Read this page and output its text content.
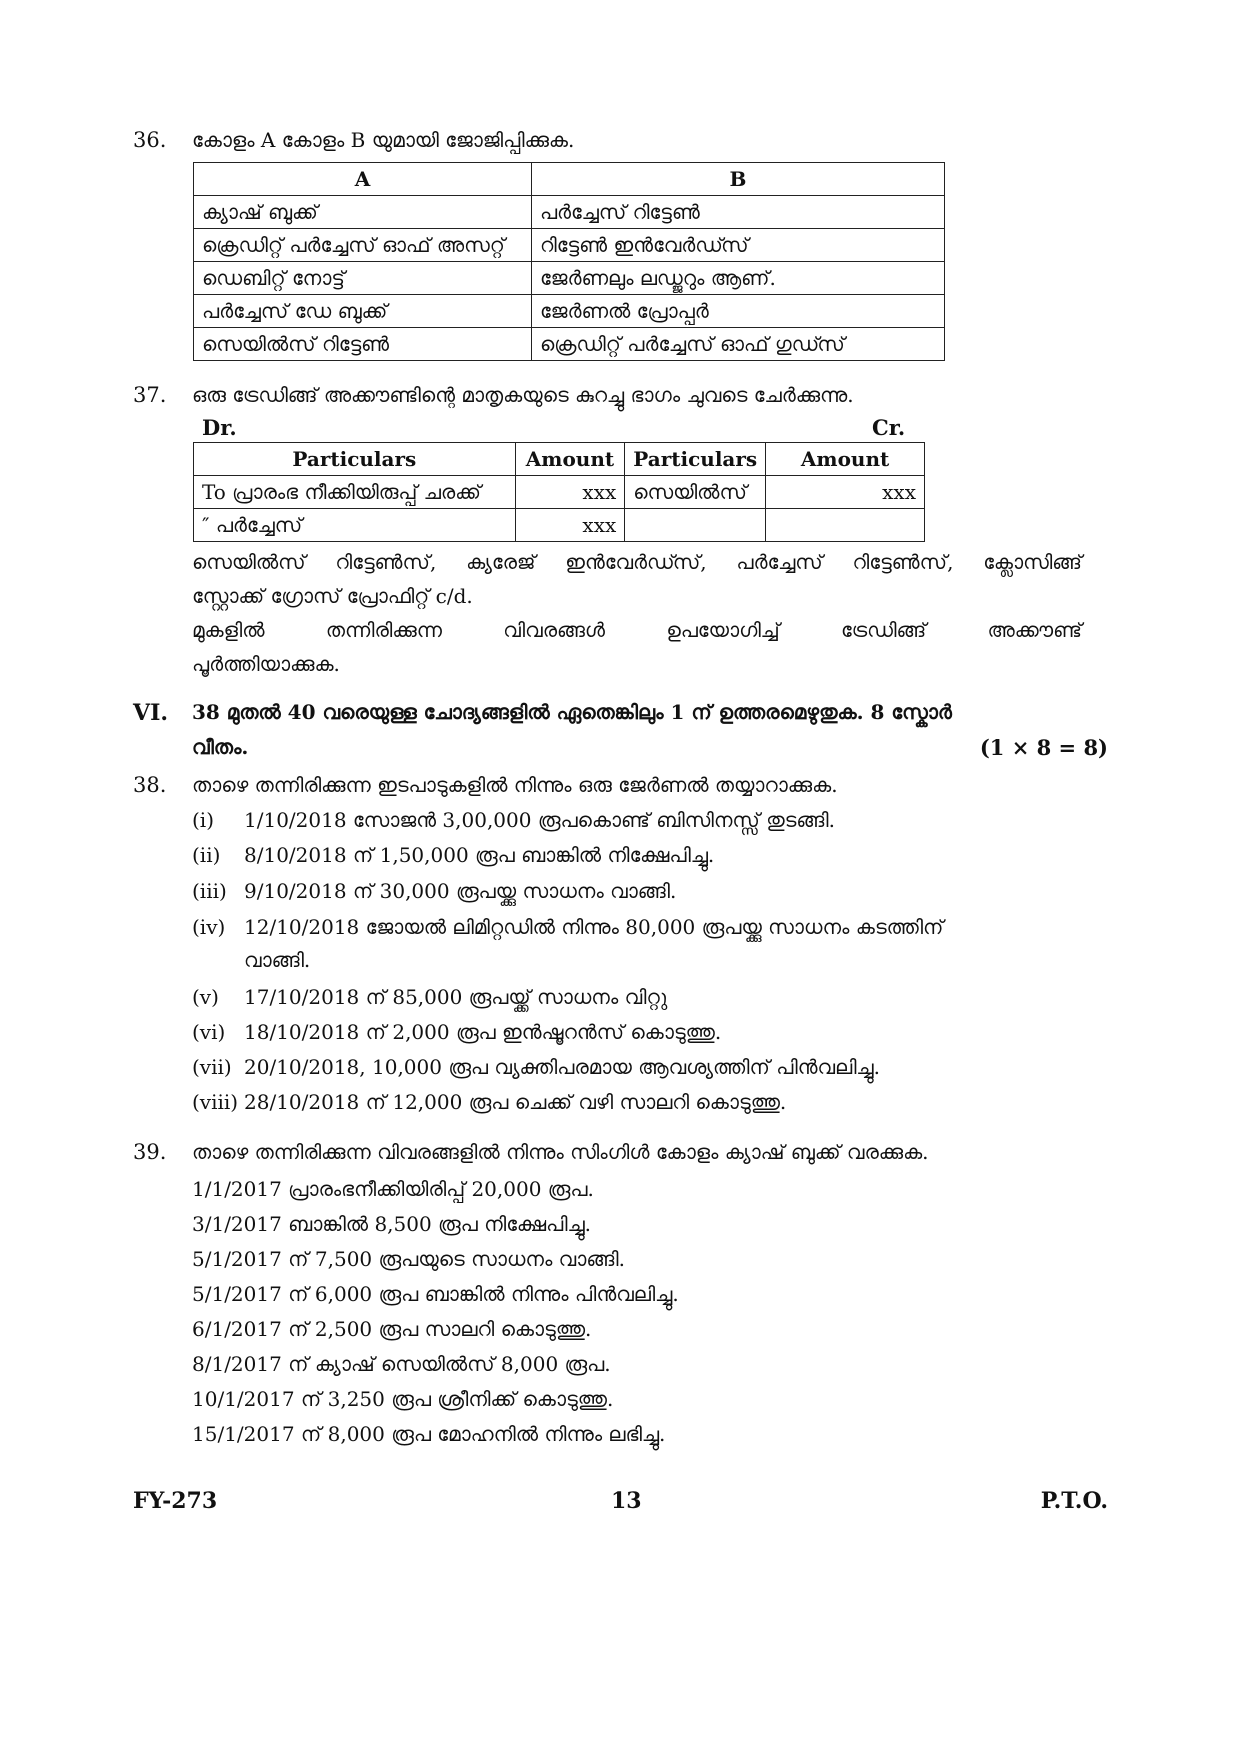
36. കോളം A കോളം B യുമായി ജോജിപ്പിക്കുക.
A	B
ക്യാഷ് ബുക്ക്	പർച്ചേസ് റിട്ടേൺ
ക്രെഡിറ്റ് പർച്ചേസ് ഓഫ് അസറ്റ്	റിട്ടേൺ ഇൻവേർഡ്സ്
ഡെബിറ്റ് നോട്ട്	ജേർണലും ലഡ്ജറും ആണ്.
പർച്ചേസ് ഡേ ബുക്ക്	ജേർണൽ പ്രോപ്പർ
സെയിൽസ് റിട്ടേൺ	ക്രെഡിറ്റ് പർച്ചേസ് ഓഫ് ഗുഡ്സ്
37. ഒരു ട്രേഡിങ്ങ് അക്കൗണ്ടിന്റെ മാതൃകയുടെ കുറച്ചു ഭാഗം ചുവടെ ചേർക്കുന്നു.
Dr.	Cr.
Particulars	Amount	Particulars	Amount
To പ്രാരംഭ നീക്കിയിരുപ്പ് ചരക്ക്	xxx	സെയിൽസ്	xxx
″ പർച്ചേസ്	xxx		
സെയിൽസ് റിട്ടേൺസ്, ക്യരേജ് ഇൻവേർഡ്സ്, പർച്ചേസ് റിട്ടേൺസ്, ക്ലോസിങ്ങ്
സ്റ്റോക്ക് ഗ്രോസ് പ്രോഫിറ്റ് c/d.
മുകളിൽ	തന്നിരിക്കുന്ന	വിവരങ്ങൾ	ഉപയോഗിച്ച്	ട്രേഡിങ്ങ്	അക്കൗണ്ട്
പൂർത്തിയാക്കുക.
VI. 38 മുതൽ 40 വരെയുള്ള ചോദ്യങ്ങളിൽ ഏതെങ്കിലും 1 ന് ഉത്തരമെഴുതുക. 8 സ്കോർ
വീതം.	(1 × 8 = 8)
38. താഴെ തന്നിരിക്കുന്ന ഇടപാടുകളിൽ നിന്നും ഒരു ജേർണൽ തയ്യാറാക്കുക.
(i) 1/10/2018 സോജൻ 3,00,000 രൂപകൊണ്ട് ബിസിനസ്സ് തുടങ്ങി.
(ii) 8/10/2018 ന് 1,50,000 രൂപ ബാങ്കിൽ നിക്ഷേപിച്ചു.
(iii) 9/10/2018 ന് 30,000 രൂപയ്ക്കു സാധനം വാങ്ങി.
(iv) 12/10/2018 ജോയൽ ലിമിറ്റഡിൽ നിന്നും 80,000 രൂപയ്ക്കു സാധനം കടത്തിന്
വാങ്ങി.
(v) 17/10/2018 ന് 85,000 രൂപയ്ക്ക് സാധനം വിറ്റു
(vi) 18/10/2018 ന് 2,000 രൂപ ഇൻഷൂറൻസ് കൊടുത്തു.
(vii) 20/10/2018, 10,000 രൂപ വ്യക്തിപരമായ ആവശ്യത്തിന് പിൻവലിച്ചു.
(viii) 28/10/2018 ന് 12,000 രൂപ ചെക്ക് വഴി സാലറി കൊടുത്തു.
39. താഴെ തന്നിരിക്കുന്ന വിവരങ്ങളിൽ നിന്നും സിംഗിൾ കോളം ക്യാഷ് ബുക്ക് വരക്കുക.
1/1/2017 പ്രാരംഭനീക്കിയിരിപ്പ് 20,000 രൂപ.
3/1/2017 ബാങ്കിൽ 8,500 രൂപ നിക്ഷേപിച്ചു.
5/1/2017 ന് 7,500 രൂപയുടെ സാധനം വാങ്ങി.
5/1/2017 ന് 6,000 രൂപ ബാങ്കിൽ നിന്നും പിൻവലിച്ചു.
6/1/2017 ന് 2,500 രൂപ സാലറി കൊടുത്തു.
8/1/2017 ന് ക്യാഷ് സെയിൽസ് 8,000 രൂപ.
10/1/2017 ന് 3,250 രൂപ ശ്രീനിക്ക് കൊടുത്തു.
15/1/2017 ന് 8,000 രൂപ മോഹനിൽ നിന്നും ലഭിച്ചു.
FY-273	13	P.T.O.
